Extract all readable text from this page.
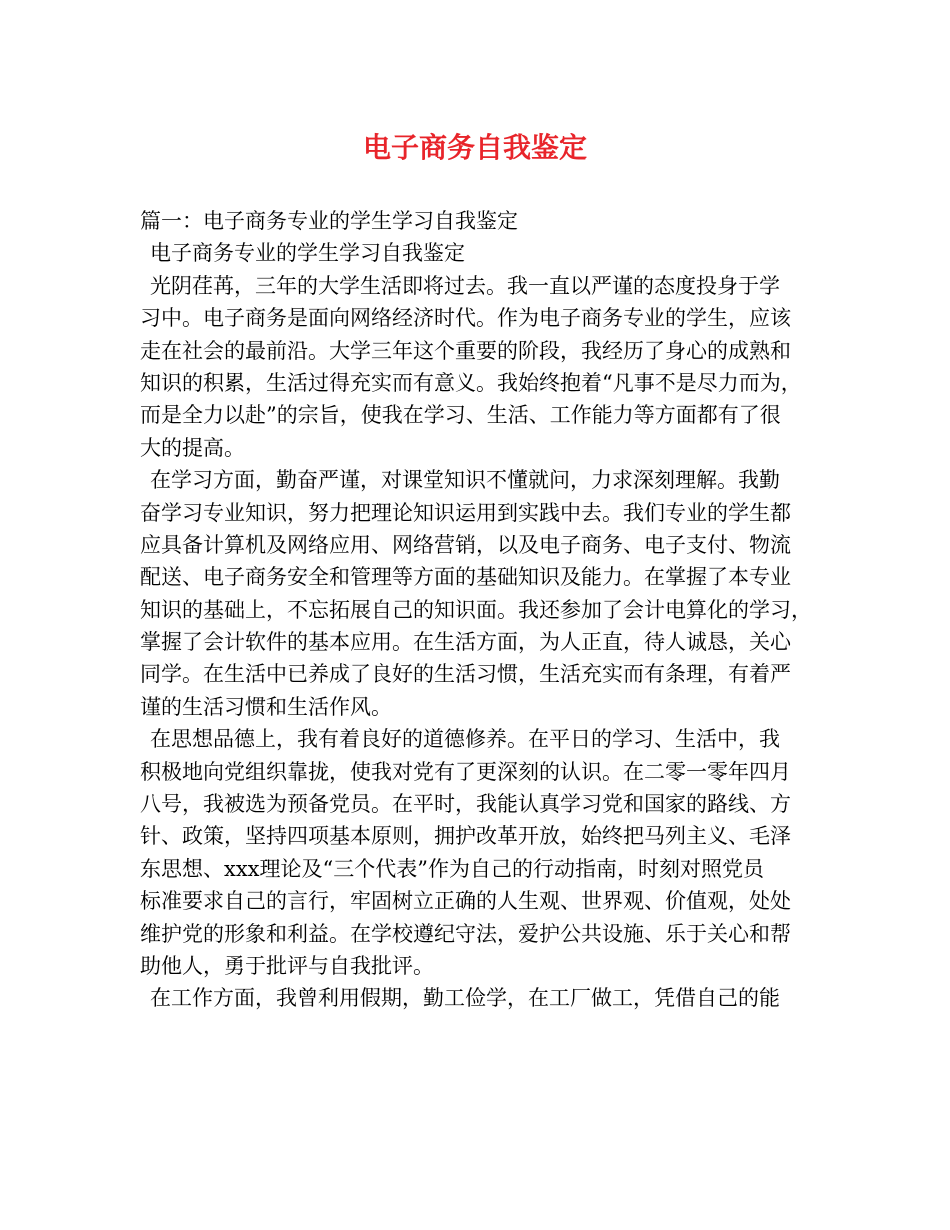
电子商务自我鉴定

篇一：电子商务专业的学生学习自我鉴定

电子商务专业的学生学习自我鉴定

光阴荏苒，三年的大学生活即将过去。我一直以严谨的态度投身于学

习中。电子商务是面向网络经济时代。作为电子商务专业的学生，应该

走在社会的最前沿。大学三年这个重要的阶段，我经历了身心的成熟和

知识的积累，生活过得充实而有意义。我始终抱着“凡事不是尽力而为，

而是全力以赴”的宗旨，使我在学习、生活、工作能力等方面都有了很

大的提高。

在学习方面，勤奋严谨，对课堂知识不懂就问，力求深刻理解。我勤

奋学习专业知识，努力把理论知识运用到实践中去。我们专业的学生都

应具备计算机及网络应用、网络营销，以及电子商务、电子支付、物流

配送、电子商务安全和管理等方面的基础知识及能力。在掌握了本专业

知识的基础上，不忘拓展自己的知识面。我还参加了会计电算化的学习，

掌握了会计软件的基本应用。在生活方面，为人正直，待人诚恳，关心

同学。在生活中已养成了良好的生活习惯，生活充实而有条理，有着严

谨的生活习惯和生活作风。

在思想品德上，我有着良好的道德修养。在平日的学习、生活中，我

积极地向党组织靠拢，使我对党有了更深刻的认识。在二零一零年四月

八号，我被选为预备党员。在平时，我能认真学习党和国家的路线、方

针、政策，坚持四项基本原则，拥护改革开放，始终把马列主义、毛泽

东思想、xxx理论及“三个代表”作为自己的行动指南，时刻对照党员

标准要求自己的言行，牢固树立正确的人生观、世界观、价值观，处处

维护党的形象和利益。在学校遵纪守法，爱护公共设施、乐于关心和帮

助他人，勇于批评与自我批评。

在工作方面，我曾利用假期，勤工俭学，在工厂做工，凭借自己的能
